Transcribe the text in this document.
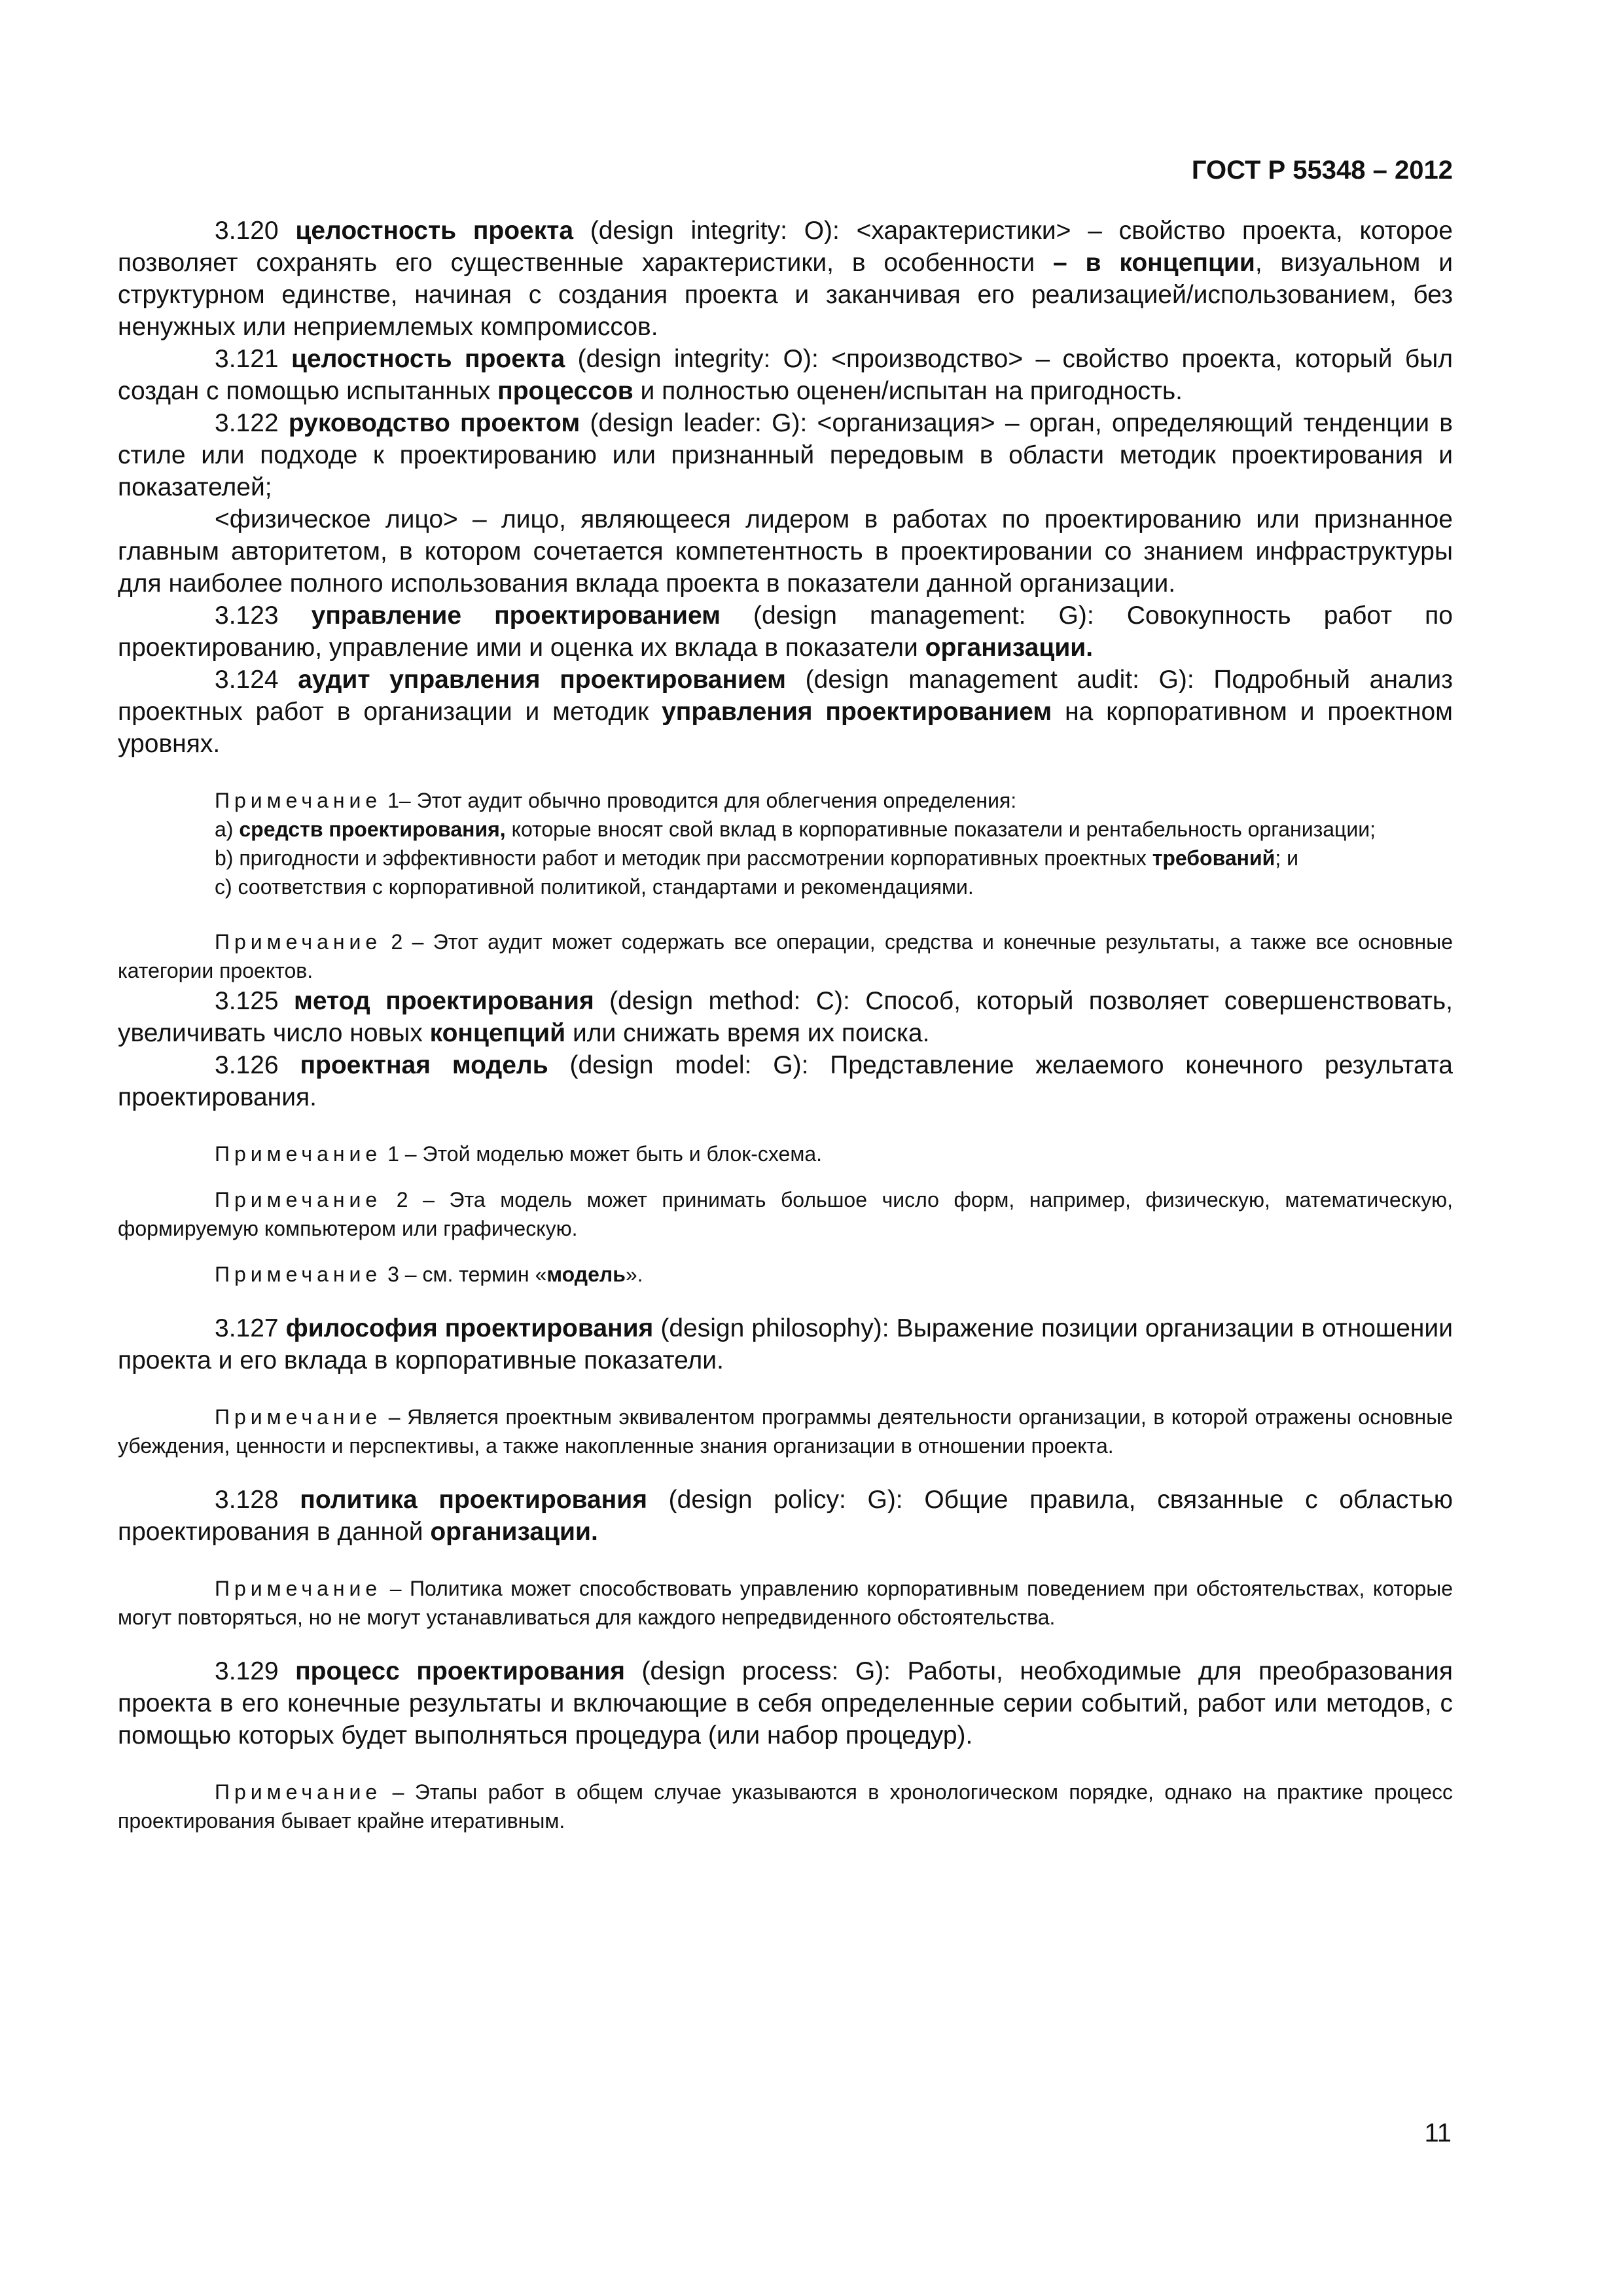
ГОСТ Р 55348 – 2012

3.120 целостность проекта (design integrity: O): <характеристики> – свойство проекта, которое позволяет сохранять его существенные характеристики, в особенности – в концепции, визуальном и структурном единстве, начиная с создания проекта и заканчивая его реализацией/использованием, без ненужных или неприемлемых компромиссов.

3.121 целостность проекта (design integrity: O): <производство> – свойство проекта, который был создан с помощью испытанных процессов и полностью оценен/испытан на пригодность.

3.122 руководство проектом (design leader: G): <организация> – орган, определяющий тенденции в стиле или подходе к проектированию или признанный передовым в области методик проектирования и показателей;

<физическое лицо> – лицо, являющееся лидером в работах по проектированию или признанное главным авторитетом, в котором сочетается компетентность в проектировании со знанием инфраструктуры для наиболее полного использования вклада проекта в показатели данной организации.

3.123 управление проектированием (design management: G): Совокупность работ по проектированию, управление ими и оценка их вклада в показатели организации.

3.124 аудит управления проектированием (design management audit: G): Подробный анализ проектных работ в организации и методик управления проектированием на корпоративном и проектном уровнях.

Примечание 1– Этот аудит обычно проводится для облегчения определения:

a) средств проектирования, которые вносят свой вклад в корпоративные показатели и рентабельность организации;

b) пригодности и эффективности работ и методик при рассмотрении корпоративных проектных требований; и

c) соответствия с корпоративной политикой, стандартами и рекомендациями.

Примечание 2 – Этот аудит может содержать все операции, средства и конечные результаты, а также все основные категории проектов.

3.125 метод проектирования (design method: C): Способ, который позволяет совершенствовать, увеличивать число новых концепций или снижать время их поиска.

3.126 проектная модель (design model: G): Представление желаемого конечного результата проектирования.

Примечание 1 – Этой моделью может быть и блок-схема.

Примечание 2 – Эта модель может принимать большое число форм, например, физическую, математическую, формируемую компьютером или графическую.

Примечание 3 – см. термин «модель».

3.127 философия проектирования (design philosophy): Выражение позиции организации в отношении проекта и его вклада в корпоративные показатели.

Примечание – Является проектным эквивалентом программы деятельности организации, в которой отражены основные убеждения, ценности и перспективы, а также накопленные знания организации в отношении проекта.

3.128 политика проектирования (design policy: G): Общие правила, связанные с областью проектирования в данной организации.

Примечание – Политика может способствовать управлению корпоративным поведением при обстоятельствах, которые могут повторяться, но не могут устанавливаться для каждого непредвиденного обстоятельства.

3.129 процесс проектирования (design process: G): Работы, необходимые для преобразования проекта в его конечные результаты и включающие в себя определенные серии событий, работ или методов, с помощью которых будет выполняться процедура (или набор процедур).

Примечание – Этапы работ в общем случае указываются в хронологическом порядке, однако на практике процесс проектирования бывает крайне итеративным.

11
